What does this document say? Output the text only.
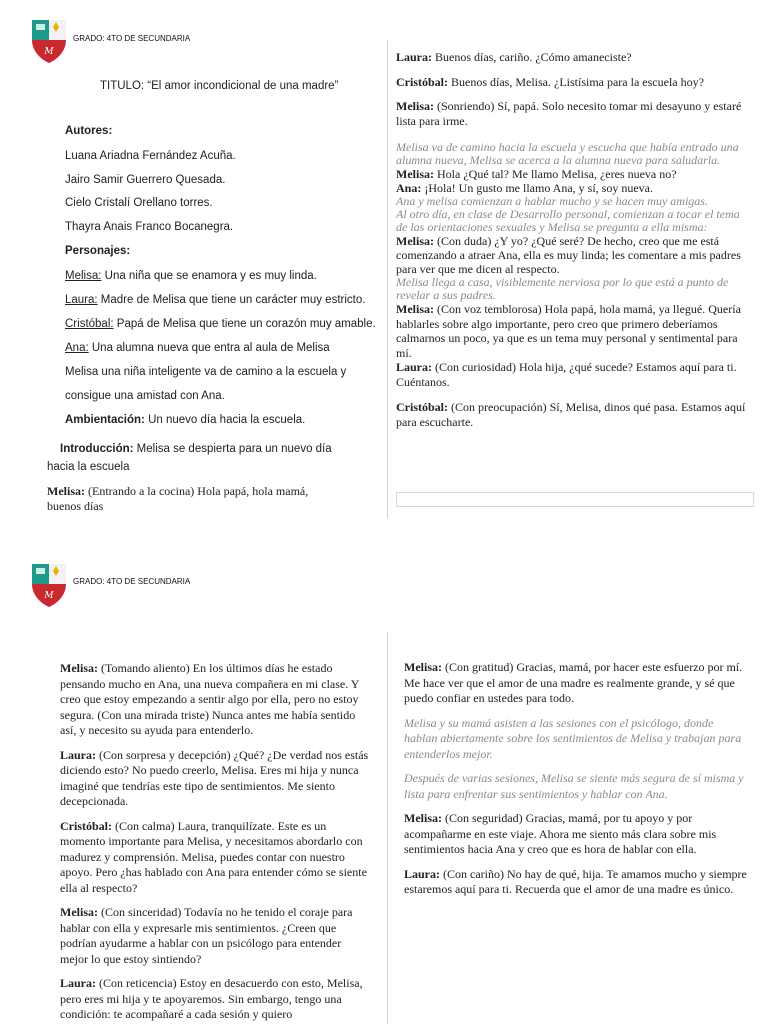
M
GRADO: 4TO DE SECUNDARIA
TITULO: “El amor incondicional de una madre”
Autores:
Luana Ariadna Fernández Acuña.
Jairo Samir Guerrero Quesada.
Cielo Cristalí Orellano torres.
Thayra Anais Franco Bocanegra.
Personajes:
Melisa: Una niña que se enamora y es muy linda.
Laura: Madre de Melisa que tiene un carácter muy estricto.
Cristóbal: Papá de Melisa que tiene un corazón muy amable.
Ana: Una alumna nueva que entra al aula de Melisa
Melisa una niña inteligente va de camino a la escuela y
consigue una amistad con Ana.
Ambientación: Un nuevo día hacia la escuela.
Introducción: Melisa se despierta para un nuevo día
hacia la escuela
Melisa: (Entrando a la cocina) Hola papá, hola mamá,
buenos días

Laura: Buenos días, cariño. ¿Cómo amaneciste?

Cristóbal: Buenos días, Melisa. ¿Listísima para la escuela hoy?

Melisa: (Sonriendo) Sí, papá. Solo necesito tomar mi desayuno y estaré lista para irme.

Melisa va de camino hacia la escuela y escucha que había entrado una alumna nueva, Melisa se acerca a la alumna nueva para saludarla.

Melisa: Hola ¿Qué tal? Me llamo Melisa, ¿eres nueva no?

Ana: ¡Hola! Un gusto me llamo Ana, y sí, soy nueva.

Ana y melisa comienzan a hablar mucho y se hacen muy amigas.

Al otro día, en clase de Desarrollo personal, comienzan a tocar el tema de las orientaciones sexuales y Melisa se pregunta a ella misma:

Melisa: (Con duda) ¿Y yo? ¿Qué seré? De hecho, creo que me está comenzando a atraer Ana, ella es muy linda; les comentare a mis padres para ver que me dicen al respecto.

Melisa llega a casa, visiblemente nerviosa por lo que está a punto de revelar a sus padres.

Melisa: (Con voz temblorosa) Hola papá, hola mamá, ya llegué. Quería hablarles sobre algo importante, pero creo que primero deberíamos calmarnos un poco, ya que es un tema muy personal y sentimental para mí.

Laura: (Con curiosidad) Hola hija, ¿qué sucede? Estamos aquí para ti. Cuéntanos.

Cristóbal: (Con preocupación) Sí, Melisa, dinos qué pasa. Estamos aquí para escucharte.

M
GRADO: 4TO DE SECUNDARIA

Melisa: (Tomando aliento) En los últimos días he estado pensando mucho en Ana, una nueva compañera en mi clase. Y creo que estoy empezando a sentir algo por ella, pero no estoy segura. (Con una mirada triste) Nunca antes me había sentido así, y necesito su ayuda para entenderlo.

Laura: (Con sorpresa y decepción) ¿Qué? ¿De verdad nos estás diciendo esto? No puedo creerlo, Melisa. Eres mi hija y nunca imaginé que tendrías este tipo de sentimientos. Me siento decepcionada.

Cristóbal: (Con calma) Laura, tranquilízate. Este es un momento importante para Melisa, y necesitamos abordarlo con madurez y comprensión. Melisa, puedes contar con nuestro apoyo. Pero ¿has hablado con Ana para entender cómo se siente ella al respecto?

Melisa: (Con sinceridad) Todavía no he tenido el coraje para hablar con ella y expresarle mis sentimientos. ¿Creen que podrían ayudarme a hablar con un psicólogo para entender mejor lo que estoy sintiendo?

Laura: (Con reticencia) Estoy en desacuerdo con esto, Melisa, pero eres mi hija y te apoyaremos. Sin embargo, tengo una condición: te acompañaré a cada sesión y quiero

Melisa: (Con gratitud) Gracias, mamá, por hacer este esfuerzo por mí. Me hace ver que el amor de una madre es realmente grande, y sé que puedo confiar en ustedes para todo.

Melisa y su mamá asisten a las sesiones con el psicólogo, donde hablan abiertamente sobre los sentimientos de Melisa y trabajan para entenderlos mejor.

Después de varias sesiones, Melisa se siente más segura de sí misma y lista para enfrentar sus sentimientos y hablar con Ana.

Melisa: (Con seguridad) Gracias, mamá, por tu apoyo y por acompañarme en este viaje. Ahora me siento más clara sobre mis sentimientos hacia Ana y creo que es hora de hablar con ella.

Laura: (Con cariño) No hay de qué, hija. Te amamos mucho y siempre estaremos aquí para ti. Recuerda que el amor de una madre es único.
